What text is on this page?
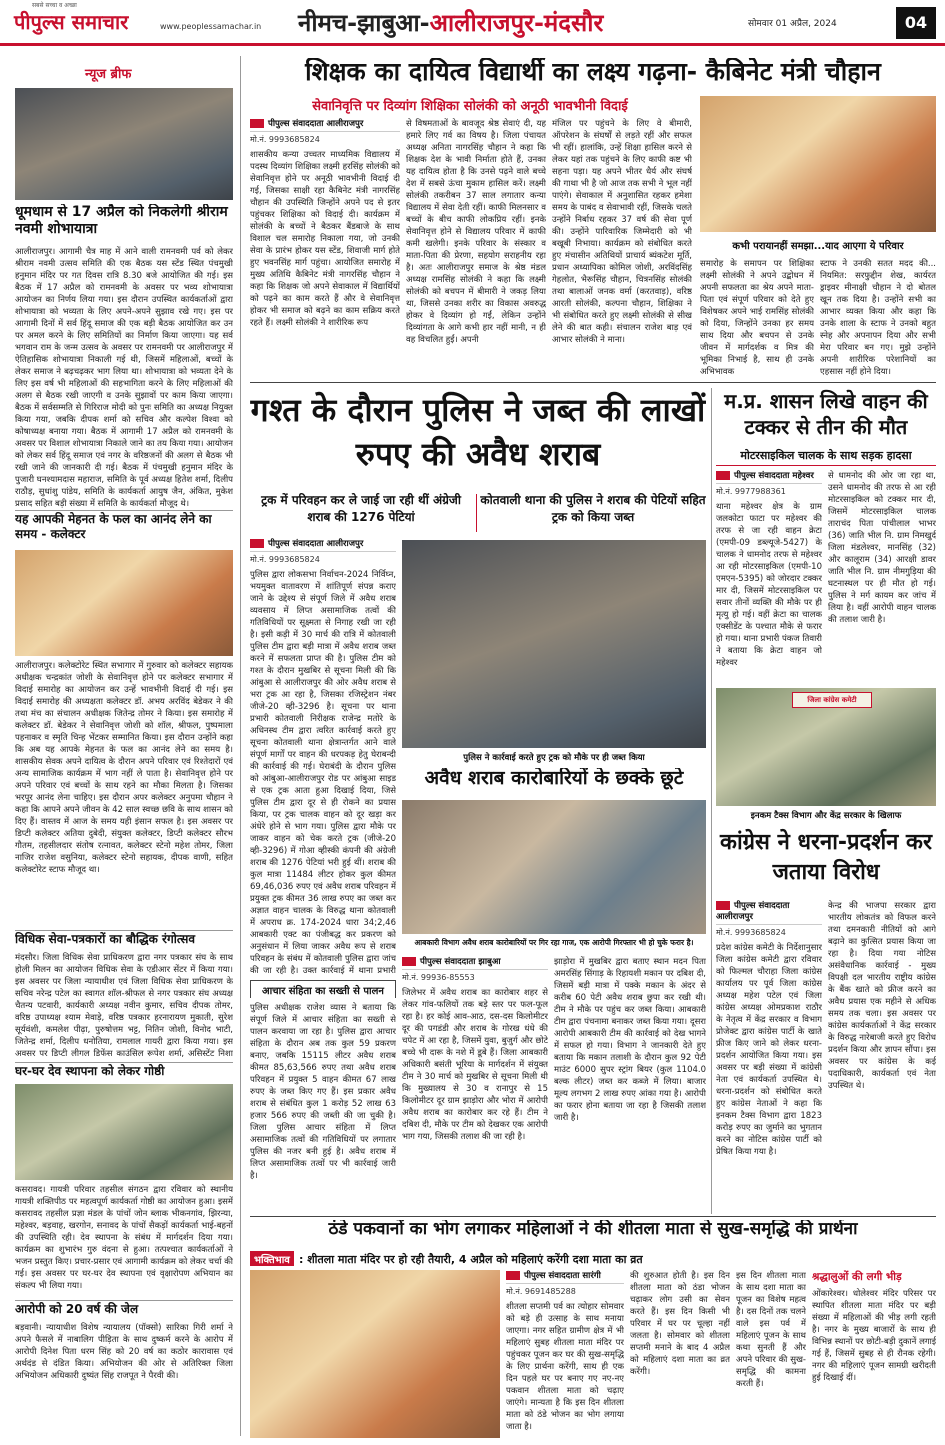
सबसे सच्चा व अच्छा
पीपुल्स समाचार	www.peoplessamachar.in नीमच-झाबुआ-आलीराजपुर-मंदसौर	सोमवार 01 अप्रैल, 2024	04
न्यूज ब्रीफ
धूमधाम से 17 अप्रैल को निकलेगी श्रीराम नवमी शोभायात्रा

आलीराजपुर। आगामी चैत्र माह में आने वाली रामनवमी पर्व को लेकर श्रीराम नवमी उत्सव समिति की एक बैठक यस स्टेंड स्थित पंचमुखी हनुमान मंदिर पर गत दिवस रात्रि 8.30 बजे आयोजित की गई। इस बैठक में 17 अप्रैल को रामनवमी के अवसर पर भव्य शोभायात्रा आयोजन का निर्णय लिया गया। इस दौरान उपस्थित कार्यकर्ताओं द्वारा शोभायात्रा को भव्यता के लिए अपने-अपने सुझाव रखे गए। इस पर आगामी दिनों में सर्व हिंदू समाज की एक बड़ी बैठक आयोजित कर उन पर अमल करने के लिए समितियों का निर्माण किया जाएगा। यह सर्व भगवान राम के जन्म उत्सव के अवसर पर रामनवमी पर आलीराजपुर में ऐतिहासिक शोभायात्रा निकाली गई थी, जिसमें महिलाओं, बच्चों के लेकर समाज ने बढ़चढ़कर भाग लिया था। शोभायात्रा को भव्यता देने के लिए इस वर्ष भी महिलाओं की सहभागिता करने के लिए महिलाओं की अलग से बैठक रखी जाएगी व उनके सुझावों पर काम किया जाएगा। बैठक में सर्वसम्मति से गिरिराज मोदी को पुनः समिति का अध्यक्ष नियुक्त किया गया, जबकि दीपक शर्मा को सचिव और कल्पेश विश्वा को कोषाध्यक्ष बनाया गया। बैठक में आगामी 17 अप्रैल को रामनवमी के अवसर पर विशाल शोभायात्रा निकाले जाने का तय किया गया। आयोजन को लेकर सर्व हिंदू समाज एवं नगर के वरिष्ठजनों की अलग से बैठक भी रखी जाने की जानकारी दी गई। बैठक में पंचमुखी हनुमान मंदिर के पुजारी घनश्यामदास महाराज, समिति के पूर्व अध्यक्ष हितेश शर्मा, दिलीप राठौड़, सुधांशु पांडेय, समिति के कार्यकर्ता आयुष जैन, अंकित, मुकेश प्रसाद सहित बड़ी संख्या में समिति के कार्यकर्ता मौजूद थे।

यह आपकी मेहनत के फल का आनंद लेने का समय - कलेक्टर

आलीराजपुर। कलेक्टोरेट स्थित सभागार में गुरुवार को कलेक्टर सहायक अधीक्षक चन्द्रकांत जोशी के सेवानिवृत्त होने पर कलेक्टर सभागार में विदाई समारोह का आयोजन कर उन्हें भावभीनी विदाई दी गई। इस विदाई समारोह की अध्यक्षता कलेक्टर डॉ. अभय अरविंद बेडेकर ने की तथा मंच का संचालन अधीक्षक जितेन्द्र तोमर ने किया। इस समारोह में कलेक्टर डॉ. बेडेकर ने सेवानिवृत्त जोशी को शॉल, श्रीफल, पुष्पमाला पहनाकर व स्मृति चिन्ह भेंटकर सम्मानित किया। इस दौरान उन्होंने कहा कि अब यह आपके मेहनत के फल का आनंद लेने का समय है। शासकीय सेवक अपने दायित्व के दौरान अपने परिवार एवं रिश्तेदारों एवं अन्य सामाजिक कार्यक्रम में भाग नहीं ले पाता है। सेवानिवृत्त होने पर अपने परिवार एवं बच्चों के साथ रहने का मौका मिलता है। जिसका भरपूर आनंद लेना चाहिए। इस दौरान अपर कलेक्टर अनुपमा चौहान ने कहा कि आपने अपने जीवन के 42 साल स्वच्छ छवि के साथ शासन को दिए हैं। वास्तव में आज के समय यही इंसान सफल है। इस अवसर पर डिप्टी कलेक्टर अतिया दुबेदी, संयुक्त कलेक्टर, डिप्टी कलेक्टर सौरभ गौतम, तहसीलदार संतोष रत्नावत, कलेक्टर स्टेनो महेश तोमर, जिला नाजिर राजेश वसुनिया, कलेक्टर स्टेनो सहायक, दीपक वाणी, सहित कलेक्टोरेट स्टाफ मौजूद था।

विधिक सेवा-पत्रकारों का बौद्धिक रंगोत्सव

मंदसौर। जिला विधिक सेवा प्राधिकरण द्वारा नगर पत्रकार संघ के साथ होली मिलन का आयोजन विधिक सेवा के एडीआर सेंटर में किया गया। इस अवसर पर जिला न्यायाधीश एवं जिला विधिक सेवा प्राधिकरण के सचिव नरेन्द्र पटेल का स्वागत शॉल-श्रीफल से नगर पत्रकार संघ अध्यक्ष चैतन्य पटवारी, कार्यकारी अध्यक्ष नवीन कुमार, सचिव दीपक तोमर, वरिष्ठ उपाध्यक्ष श्याम मेवाड़े, वरिष्ठ पत्रकार हरनारायण मुकाती, सुरेश सूर्यवंशी, कमलेश पीढ़ा, पुरुषोत्तम भट्ट, नितिन जोशी, विनोद भाटी, जितेन्द्र शर्मा, दिलीप धनोतिया, रामलाल गायरी द्वारा किया गया। इस अवसर पर डिप्टी लीगल डिफेंस काउंसिल रूपेश शर्मा, असिस्टेंट निशा

घर-घर देव स्थापना को लेकर गोष्ठी

कसरावद। गायत्री परिवार तहसील संगठन द्वारा रविवार को स्थानीय गायत्री शक्तिपीठ पर महत्वपूर्ण कार्यकर्ता गोष्ठी का आयोजन हुआ। इसमें कसरावद तहसील प्रज्ञा मंडल के पांचों जोन ब्लाक भीकनगांव, झिरन्या, महेश्वर, बड़वाह, खरगोन, सनावद के पांचों सैकड़ों कार्यकर्ता भाई-बहनों की उपस्थिति रही। देव स्थापना के संबंध में मार्गदर्शन दिया गया। कार्यक्रम का शुभारंभ गुरु वंदना से हुआ। तत्पश्चात कार्यकर्ताओं ने भजन प्रस्तुत किए। प्रचार-प्रसार एवं आगामी कार्यक्रम को लेकर चर्चा की गई। इस अवसर पर घर-घर देव स्थापना एवं वृक्षारोपण अभियान का संकल्प भी लिया गया।

आरोपी को 20 वर्ष की जेल

बड़वानी। न्यायाधीश विशेष न्यायालय (पॉक्सो) सारिका गिरी शर्मा ने अपने फैसले में नाबालिग पीड़िता के साथ दुष्कर्म करने के आरोप में आरोपी दिनेश पिता धरम सिंह को 20 वर्ष का कठोर कारावास एवं अर्थदंड से दंडित किया। अभियोजन की ओर से अतिरिक्त जिला अभियोजन अधिकारी दुष्यंत सिंह राजपूत ने पैरवी की।

शिक्षक का दायित्व विद्यार्थी का लक्ष्य गढ़ना- कैबिनेट मंत्री चौहान
सेवानिवृत्ति पर दिव्यांग शिक्षिका सोलंकी को अनूठी भावभीनी विदाई
पीपुल्स संवाददाता आलीराजपुर
मो.नं. 9993685824
शासकीय कन्या उच्चतर माध्यमिक विद्यालय में पदस्थ दिव्यांग शिक्षिका लक्ष्मी हरसिंह सोलंकी को सेवानिवृत्त होने पर अनूठी भावभीनी विदाई दी गई, जिसका साक्षी रहा कैबिनेट मंत्री नागरसिंह चौहान की उपस्थिति जिन्होंने अपने पद से इतर पहुंचकर शिक्षिका को विदाई दी। कार्यक्रम में सोलंकी के बच्चों ने बैठकर बैंडबाजे के साथ विशाल चल समारोह निकाला गया, जो उनकी सेवा के प्रारंभ होकर यस स्टेंड, शिवाजी मार्ग होते हुए भवनसिंह मार्ग पहुंचा। आयोजित समारोह में मुख्य अतिथि कैबिनेट मंत्री नागरसिंह चौहान ने कहा कि शिक्षक जो अपने सेवाकाल में विद्यार्थियों को पढ़ने का काम करते हैं और वे सेवानिवृत्त होकर भी समाज को बढ़ने का काम सक्रिय करते रहते हैं। लक्ष्मी सोलंकी ने शारीरिक रूप

से विषमताओं के बावजूद श्रेष्ठ सेवाएं दी, यह हमारे लिए गर्व का विषय है। जिला पंचायत अध्यक्ष अनिता नागरसिंह चौहान ने कहा कि शिक्षक देश के भावी निर्माता होते हैं, उनका यह दायित्व होता है कि उनसे पढ़ने वाले बच्चे देश में सबसे ऊंचा मुकाम हासिल करें। लक्ष्मी सोलंकी तकरीबन 37 साल लगातार कन्या विद्यालय में सेवा देती रहीं। काफी मिलनसार व बच्चों के बीच काफी लोकप्रिय रहीं। इनके सेवानिवृत्त होने से विद्यालय परिवार में काफी कमी खलेगी। इनके परिवार के संस्कार व माता-पिता की प्रेरणा, सहयोग सराहनीय रहा है। अतः आलीराजपुर समाज के श्रेष्ठ मंडल अध्यक्ष रामसिंह सोलंकी ने कहा कि लक्ष्मी सोलंकी को बचपन में बीमारी ने जकड़ लिया था, जिससे उनका शरीर का विकास अवरुद्ध होकर वे दिव्यांग हो गईं, लेकिन उन्होंने दिव्यांगता के आगे कभी हार नहीं मानी, न ही वह विचलित हुईं। अपनी

मंजिल पर पहुंचने के लिए वे बीमारी, ऑपरेशन के संघर्षों से लड़ते रहीं और सफल भी रहीं। हालांकि, उन्हें शिक्षा हासिल करने से लेकर यहां तक पहुंचने के लिए काफी कष्ट भी सहना पड़ा। यह अपने भीतर धैर्य और संघर्ष की गाथा भी है जो आज तक सभी ने भूल नहीं पाएंगे। सेवाकाल में अनुशासित रहकर हमेशा समय के पाबंद व सेवाभावी रहीं, जिसके चलते उन्होंने निर्बाध रहकर 37 वर्ष की सेवा पूर्ण की। उन्होंने पारिवारिक जिम्मेदारी को भी बखूबी निभाया। कार्यक्रम को संबोधित करते हुए मंचासीन अतिथियों प्राचार्य ब्यंकटेश मूर्ति, प्रधान अध्यापिका कोमिल जोशी, अरविंदसिंह गेहलोत, भैरूसिंह चौहान, चित्रनसिंह सोलंकी तथा बालाओं जनक वर्मा (करतवाड़), वरिष्ठ आरती सोलंकी, कल्पना चौहान, शिक्षिका ने भी संबोधित करते हुए लक्ष्मी सोलंकी से सीख लेने की बात कही। संचालन राजेश बाड़ एवं आभार सोलंकी ने माना।

कभी परायानहीं समझा...याद आएगा ये परिवार

समारोह के समापन पर शिक्षिका लक्ष्मी सोलंकी ने अपने उद्बोधन में अपनी सफलता का श्रेय अपने माता-पिता एवं संपूर्ण परिवार को देते हुए विशेषकर अपने भाई रामसिंह सोलंकी को दिया, जिन्होंने उनका हर समय साथ दिया और बचपन से उनके जीवन में मार्गदर्शक व मित्र की भूमिका निभाई है, साथ ही उनके अभिभावक

स्टाफ ने उनकी सतत मदद की... नियमित: सरफुद्दीन शेख, कार्यरत ड्राइवर मीनाक्षी चौहान ने दो बोतल खून तक दिया है। उन्होंने सभी का आभार व्यक्त किया और कहा कि उनके शाला के स्टाफ ने उनको बहुत स्नेह और अपनापन दिया और सभी मेरा परिवार बन गए। मुझे उन्होंने अपनी शारीरिक परेशानियों का एहसास नहीं होने दिया।

गश्त के दौरान पुलिस ने जब्त की लाखों रुपए की अवैध शराब
ट्रक में परिवहन कर ले जाई जा रही थीं अंग्रेजी शराब की 1276 पेटियां
कोतवाली थाना की पुलिस ने शराब की पेटियों सहित ट्रक को किया जब्त
पीपुल्स संवाददाता आलीराजपुर
मो.नं. 9993685824
पुलिस द्वारा लोकसभा निर्वाचन-2024 निर्विघ्न, भयमुक्त वातावरण में शांतिपूर्ण संपन्न कराए जाने के उद्देश्य से संपूर्ण जिले में अवैध शराब व्यवसाय में लिप्त असामाजिक तत्वों की गतिविधियों पर सूक्ष्मता से निगाह रखी जा रही है। इसी कड़ी में 30 मार्च की रात्रि में कोतवाली पुलिस टीम द्वारा बड़ी मात्रा में अवैध शराब जब्त करने में सफलता प्राप्त की है। पुलिस टीम को गश्त के दौरान मुखबिर से सूचना मिली की कि आंबुआ से आलीराजपुर की ओर अवैध शराब से भरा ट्रक आ रहा है, जिसका रजिस्ट्रेशन नंबर जीजे-20 व्ही-3296 है। सूचना पर थाना प्रभारी कोतवाली निरीक्षक राजेन्द्र मतोरे के अधिनस्थ टीम द्वारा त्वरित कार्रवाई करते हुए सूचना कोतवाली थाना क्षेत्रान्तर्गत आने वाले संपूर्ण मार्गों पर वाहन की धरपकड़ हेतु घेराबन्दी की कार्रवाई की गई। घेराबंदी के दौरान पुलिस को आंबुआ-आलीराजपुर रोड पर आंबुआ साइड से एक ट्रक आता हुआ दिखाई दिया, जिसे पुलिस टीम द्वारा दूर से ही रोकने का प्रयास किया, पर ट्रक चालक वाहन को दूर खड़ा कर अंधेरे होने से भाग गया। पुलिस द्वारा मौके पर जाकर वाहन को चेक करते ट्रक (जीजे-20 व्ही-3296) में गोआ व्हीस्की कंपनी की अंग्रेजी शराब की 1276 पेटियां भरी हुई थीं। शराब की कुल मात्रा 11484 लीटर होकर कुल कीमत 69,46,036 रुपए एवं अवैध शराब परिवहन में प्रयुक्त ट्रक कीमत 36 लाख रुपए का जब्त कर अज्ञात वाहन चालक के विरुद्ध थाना कोतवाली में अपराध क्र. 174-2024 धारा 34;2,46 आबकारी एक्ट का पंजीबद्ध कर प्रकरण को अनुसंधान में लिया जाकर अवैध रूप से शराब परिवहन के संबंध में कोतवाली पुलिस द्वारा जांच की जा रही है। उक्त कार्रवाई में थाना प्रभारी
पुलिस ने कार्रवाई करते हुए ट्रक को मौके पर ही जब्त किया
अवैध शराब कारोबारियों के छक्के छूटे
आबकारी विभाग अवैध शराब कारोबारियों पर गिर रहा गाज, एक आरोपी गिरफ्तार भी हो चुके फरार है।
आचार संहिता का सख्ती से पालन

पुलिस अधीक्षक राजेश व्यास ने बताया कि संपूर्ण जिले में आचार संहिता का सख्ती से पालन करवाया जा रहा है। पुलिस द्वारा आचार संहिता के दौरान अब तक कुल 59 प्रकरण बनाए, जबकि 15115 लीटर अवैध शराब कीमत 85,63,566 रुपए तथा अवैध शराब परिवहन में प्रयुक्त 5 वाहन कीमत 67 लाख रुपए के जब्त किए गए हैं। इस प्रकार अवैध शराब से संबंधित कुल 1 करोड़ 52 लाख 63 हजार 566 रुपए की जब्ती की जा चुकी है। जिला पुलिस आचार संहिता में लिप्त असामाजिक तत्वों की गतिविधियों पर लगातार पुलिस की नजर बनी हुई है। अवैध शराब में लिप्त असामाजिक तत्वों पर भी कार्रवाई जारी है।

पीपुल्स संवाददाता झाबुआ
मो.नं. 99936-85553
जिलेभर में अवैध शराब का कारोबार शहर से लेकर गांव-फलियों तक बड़े स्तर पर फल-फूल रहा है। हर कोई आव-आठ, दस-दस किलोमीटर दूर की पगडंडी और शराब के गोरख धंधे की चपेट में आ रहा है, जिसमें युवा, बुजुर्ग और छोटे बच्चे भी दारू के नशे में डूबे हैं। जिला आबकारी अधिकारी बसंती भूरिया के मार्गदर्शन में संयुक्त टीम ने 30 मार्च को मुखबिर से सूचना मिली थी कि मुख्यालय से 30 व रानापुर से 15 किलोमीटर दूर ग्राम झाड़ोरा और भोरा में आरोपी अवैध शराब का कारोबार कर रहे हैं। टीम ने दबिश दी, मौके पर टीम को देखकर एक आरोपी भाग गया, जिसकी तलाश की जा रही है।

झाड़ोरा में मुखबिर द्वारा बताए स्थान मदन पिता अमरसिंह सिंगाड़ के रिहायशी मकान पर दबिश दी, जिसमें बड़ी मात्रा में पक्के मकान के अंदर से करीब 60 पेटी अवैध शराब छुपा कर रखी थी। टीम ने मौके पर पहुंच कर जब्त किया। आबकारी टीम द्वारा पंचनामा बनाकर जब्त किया गया। दूसरा आरोपी आबकारी टीम की कार्रवाई को देख भागने में सफल हो गया। विभाग ने जानकारी देते हुए बताया कि मकान तलाशी के दौरान कुल 92 पेटी माउंट 6000 सुपर स्ट्रांग बियर (कुल 1104.0 बल्क लीटर) जब्त कर कब्जे में लिया। बाजार मूल्य लगभग 2 लाख रुपए आंका गया है। आरोपी का फरार होना बताया जा रहा है जिसकी तलाश जारी है।

म.प्र. शासन लिखे वाहन की टक्कर से तीन की मौत
मोटरसाइकिल चालक के साथ सड़क हादसा
पीपुल्स संवाददाता महेश्वर
मो.नं. 9977988361
थाना महेश्वर क्षेत्र के ग्राम जलकोटा फाटा पर महेश्वर की तरफ से जा रही वाहन क्रेटा (एमपी-09 डब्ल्यूजे-5427) के चालक ने धामनोद तरफ से महेश्वर आ रही मोटरसाइकिल (एमपी-10 एमएन-5395) को जोरदार टक्कर मार दी, जिसमें मोटरसाइकिल पर सवार तीनों व्यक्ति की मौके पर ही मृत्यु हो गई। वहीं क्रेटा का चालक एक्सीडेंट के पश्चात मौके से फरार हो गया। थाना प्रभारी पंकज तिवारी ने बताया कि क्रेटा वाहन जो महेश्वर

से धामनोद की ओर जा रहा था, उसने धामनोद की तरफ से आ रही मोटरसाइकिल को टक्कर मार दी, जिसमें मोटरसाइकिल चालक ताराचंद पिता पांचीलाल भाभर (36) जाति भील नि. ग्राम निमखुर्द जिला मंडलेश्वर, मानसिंह (32) और कालूराम (34) आरक्षी डावर जाति भील नि. ग्राम नीमगुड़िया की घटनास्थल पर ही मौत हो गई। पुलिस ने मर्ग कायम कर जांच में लिया है। वहीं आरोपी वाहन चालक की तलाश जारी है।

जिला कांग्रेस कमेटी
इनकम टैक्स विभाग और केंद्र सरकार के खिलाफ
कांग्रेस ने धरना-प्रदर्शन कर जताया विरोध
पीपुल्स संवाददाता आलीराजपुर
मो.नं. 9993685824
प्रदेश कांग्रेस कमेटी के निर्देशानुसार जिला कांग्रेस कमेटी द्वारा रविवार को फिल्मल चौराहा जिला कांग्रेस कार्यालय पर पूर्व जिला कांग्रेस अध्यक्ष महेश पटेल एवं जिला कांग्रेस अध्यक्ष ओमप्रकाश राठौर के नेतृत्व में केंद्र सरकार व विभाग प्रोजेक्ट द्वारा कांग्रेस पार्टी के खाते फ्रीज किए जाने को लेकर धरना-प्रदर्शन आयोजित किया गया। इस अवसर पर बड़ी संख्या में कांग्रेसी नेता एवं कार्यकर्ता उपस्थित थे। धरना-प्रदर्शन को संबोधित करते हुए कांग्रेस नेताओं ने कहा कि इनकम टैक्स विभाग द्वारा 1823 करोड़ रुपए का जुर्माने का भुगतान करने का नोटिस कांग्रेस पार्टी को प्रेषित किया गया है।

केन्द्र की भाजपा सरकार द्वारा भारतीय लोकतंत्र को विफल करने तथा दमनकारी नीतियों को आगे बढ़ाने का कुत्सित प्रयास किया जा रहा है। दिया गया नोटिस असंवैधानिक कार्रवाई - मुख्य विपक्षी दल भारतीय राष्ट्रीय कांग्रेस के बैंक खाते को फ्रीज करने का अवैध प्रयास एक महीने से अधिक समय तक चला। इस अवसर पर कांग्रेस कार्यकर्ताओं ने केंद्र सरकार के विरुद्ध नारेबाजी करते हुए विरोध प्रदर्शन किया और ज्ञापन सौंपा। इस अवसर पर कांग्रेस के कई पदाधिकारी, कार्यकर्ता एवं नेता उपस्थित थे।

ठंडे पकवानों का भोग लगाकर महिलाओं ने की शीतला माता से सुख-समृद्धि की प्रार्थना
भक्तिभाव : शीतला माता मंदिर पर हो रही तैयारी, 4 अप्रैल को महिलाएं करेंगी दशा माता का व्रत
पीपुल्स संवाददाता सारंगी
मो.नं. 9691485288
शीतला सप्तमी पर्व का त्योहार सोमवार को बड़े ही उत्साह के साथ मनाया जाएगा। नगर सहित ग्रामीण क्षेत्र में भी महिलाएं सुबह शीतला माता मंदिर पर पहुंचकर पूजन कर घर की सुख-समृद्धि के लिए प्रार्थना करेंगी, साथ ही एक दिन पहले घर पर बनाए गए नए-नए पकवान शीतला माता को चढ़ाए जाएंगे। मान्यता है कि इस दिन शीतला माता को ठंडे भोजन का भोग लगाया जाता है।

की शुरुआत होती है। इस दिन शीतला माता को ठंडा भोजन चढ़ाकर लोग उसी का सेवन करते हैं। इस दिन किसी भी परिवार में घर पर चूल्हा नहीं जलता है। सोमवार को शीतला सप्तमी मनाने के बाद 4 अप्रैल को महिलाएं दशा माता का व्रत करेंगी।

इस दिन शीतला माता के साथ दशा माता का पूजन का विशेष महत्व है। दस दिनों तक चलने वाले इस पर्व में महिलाएं पूजन के साथ कथा सुनती हैं और अपने परिवार की सुख-समृद्धि की कामना करती हैं।

श्रद्धालुओं की लगी भीड़

ओंकारेश्वर। धोलेश्वर मंदिर परिसर पर स्थापित शीतला माता मंदिर पर बड़ी संख्या में महिलाओं की भीड़ लगी रहती है। नगर के मुख्य बाजारों के साथ ही विभिन्न स्थानों पर छोटी-बड़ी दुकानें लगाई गई हैं, जिसमें सुबह से ही रौनक रहेगी। नगर की महिलाएं पूजन सामग्री खरीदती हुई दिखाई दीं।
